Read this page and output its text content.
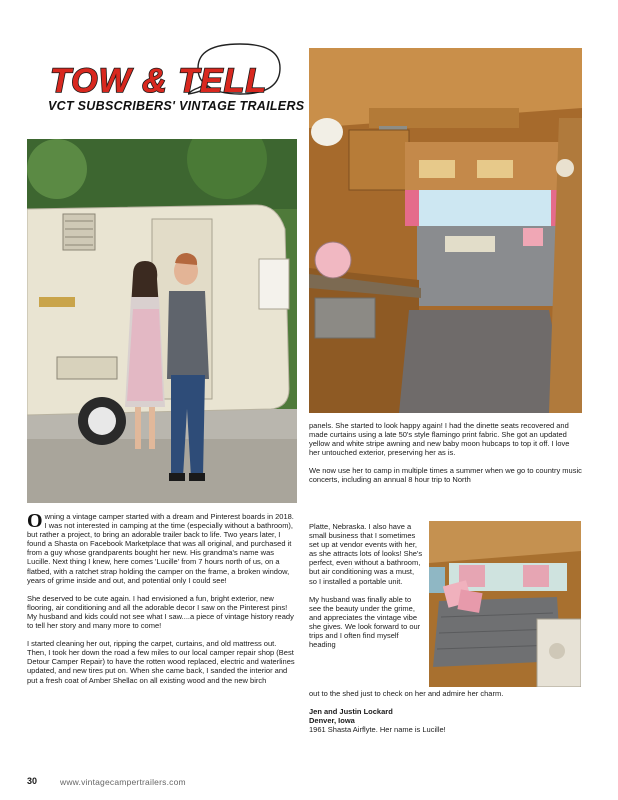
TOW & TELL
VCT SUBSCRIBERS' VINTAGE TRAILERS

Owning a vintage camper started with a dream and Pinterest boards in 2018. I was not interested in camping at the time (especially without a bathroom), but rather a project, to bring an adorable trailer back to life. Two years later, I found a Shasta on Facebook Marketplace that was all original, and purchased it from a guy whose grandparents bought her new. His grandma's name was Lucille. Next thing I knew, here comes 'Lucille' from 7 hours north of us, on a flatbed, with a ratchet strap holding the camper on the frame, a broken window, years of grime inside and out, and potential only I could see!

She deserved to be cute again. I had envisioned a fun, bright exterior, new flooring, air conditioning and all the adorable decor I saw on the Pinterest pins! My husband and kids could not see what I saw....a piece of vintage history ready to tell her story and many more to come!

I started cleaning her out, ripping the carpet, curtains, and old mattress out. Then, I took her down the road a few miles to our local camper repair shop (Best Detour Camper Repair) to have the rotten wood replaced, electric and waterlines updated, and new tires put on. When she came back, I sanded the interior and put a fresh coat of Amber Shellac on all existing wood and the new birch

panels. She started to look happy again! I had the dinette seats recovered and made curtains using a late 50's style flamingo print fabric. She got an updated yellow and white stripe awning and new baby moon hubcaps to top it off. I love her untouched exterior, preserving her as is.

We now use her to camp in multiple times a summer when we go to country music concerts, including an annual 8 hour trip to North

Platte, Nebraska. I also have a small business that I sometimes set up at vendor events with her, as she attracts lots of looks! She's perfect, even without a bathroom, but air conditioning was a must, so I installed a portable unit.

My husband was finally able to see the beauty under the grime, and appreciates the vintage vibe she gives. We look forward to our trips and I often find myself heading

out to the shed just to check on her and admire her charm.

Jen and Justin Lockard
Denver, Iowa
1961 Shasta Airflyte. Her name is Lucille!
30	www.vintagecampertrailers.com
